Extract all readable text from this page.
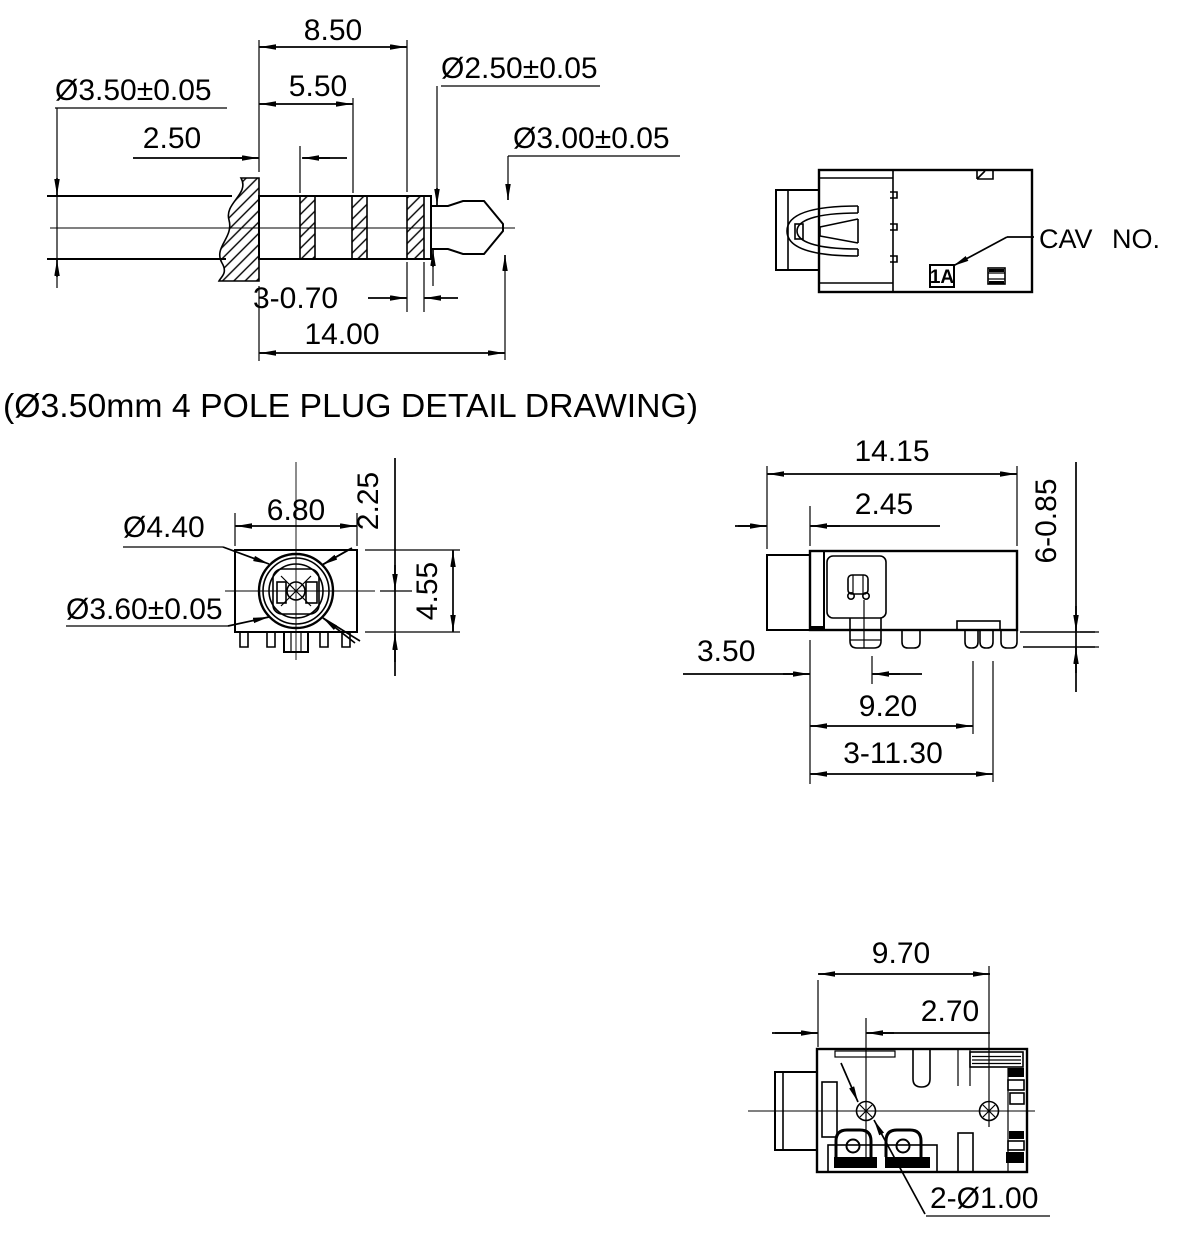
8.50
5.50
2.50
Ø3.50±0.05
Ø2.50±0.05
Ø3.00±0.05
3-0.70
14.00
(Ø3.50mm 4 POLE PLUG DETAIL DRAWING)
1A
CAV NO.
6.80
Ø4.40
Ø3.60±0.05
2.25
4.55
14.15
2.45	6-0.85
3.50
9.20
3-11.30
9.70
2.70
2-Ø1.00
